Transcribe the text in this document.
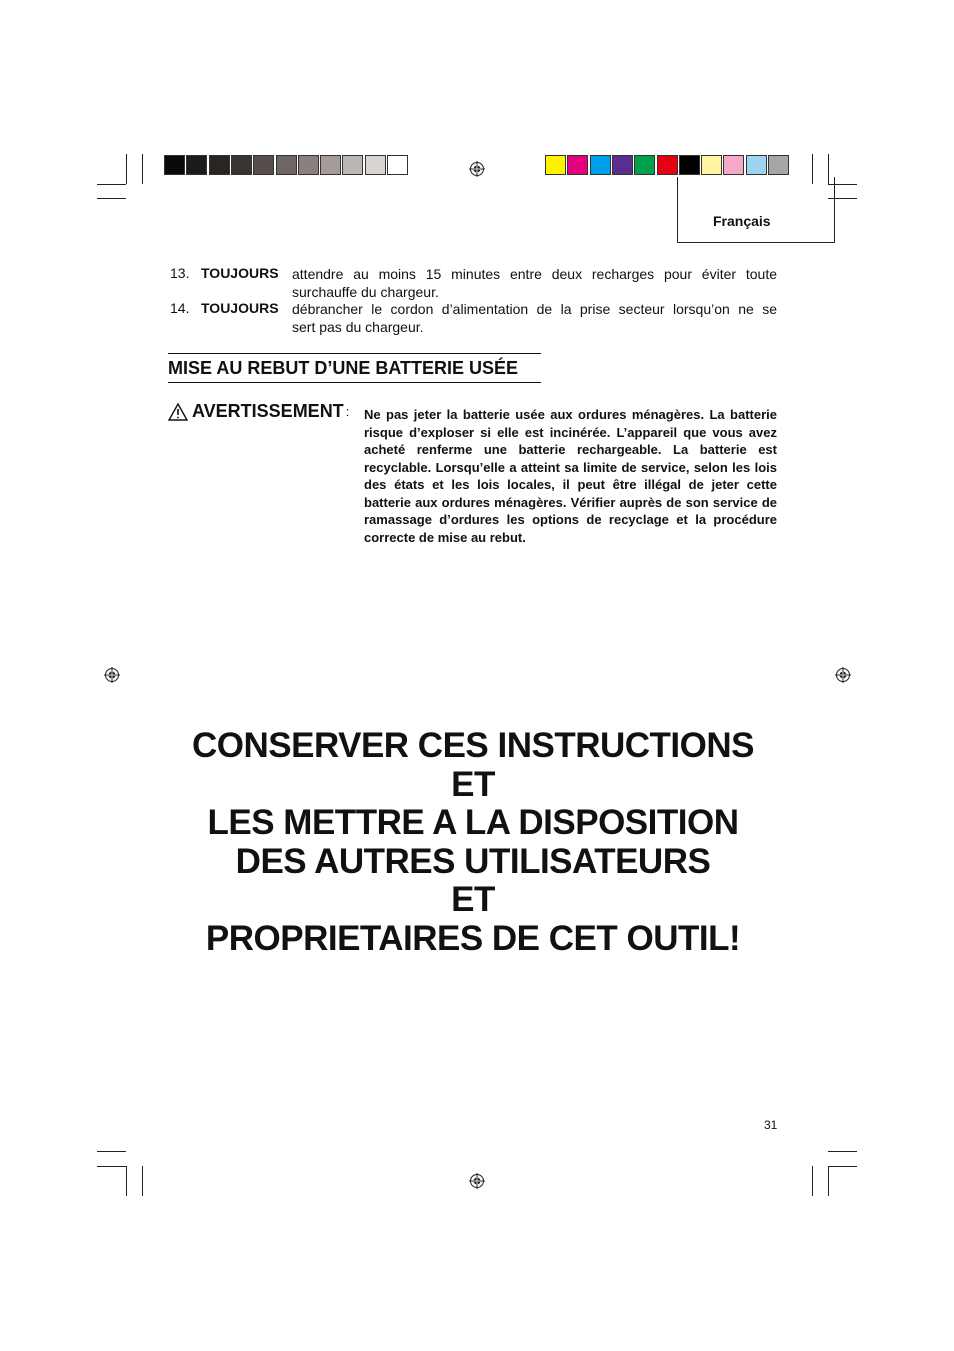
Français
13. TOUJOURS attendre au moins 15 minutes entre deux recharges pour éviter toute
surchauffe du chargeur.
14. TOUJOURS débrancher le cordon d’alimentation de la prise secteur lorsqu’on ne se
sert pas du chargeur.
MISE AU REBUT D’UNE BATTERIE USÉE
AVERTISSEMENT : Ne pas jeter la batterie usée aux ordures ménagères. La batterie risque d’exploser si elle est incinérée. L’appareil que vous avez acheté renferme une batterie rechargeable. La batterie est recyclable. Lorsqu’elle a atteint sa limite de service, selon les lois des états et les lois locales, il peut être illégal de jeter cette batterie aux ordures ménagères. Vérifier auprès de son service de ramassage d’ordures les options de recyclage et la procédure correcte de mise au rebut.
CONSERVER CES INSTRUCTIONS
ET
LES METTRE A LA DISPOSITION
DES AUTRES UTILISATEURS
ET
PROPRIETAIRES DE CET OUTIL!
31
